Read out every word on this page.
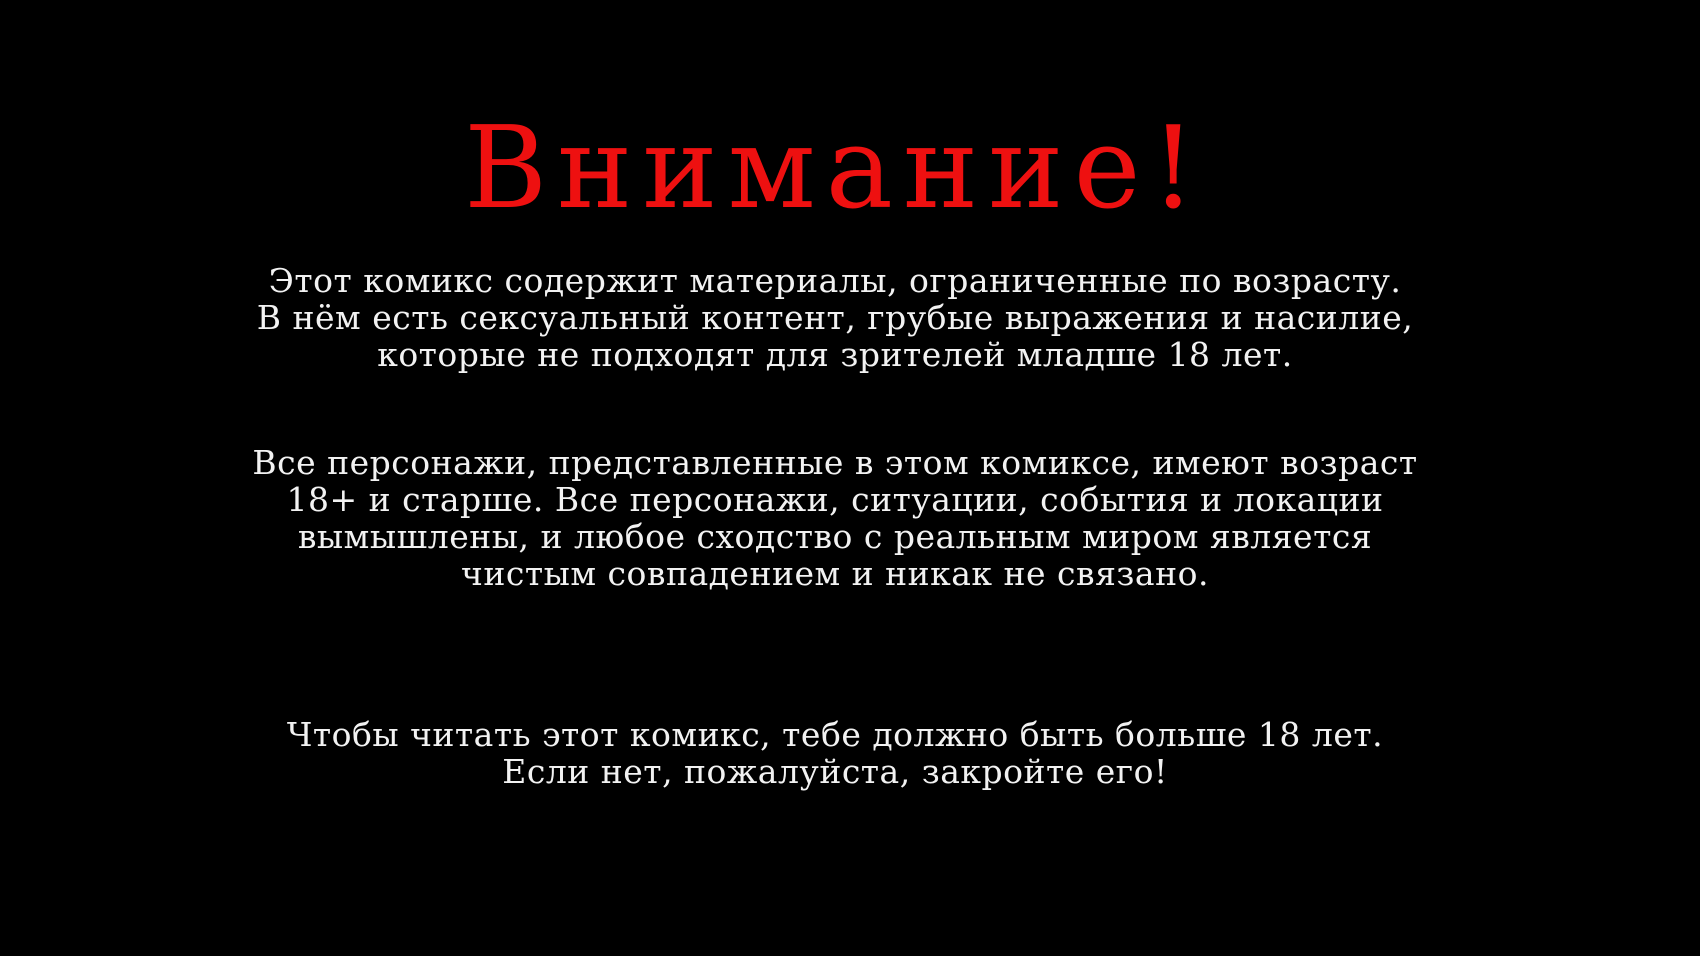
Внимание!
Этот комикс содержит материалы, ограниченные по возрасту.
В нём есть сексуальный контент, грубые выражения и насилие,
которые не подходят для зрителей младше 18 лет.
Все персонажи, представленные в этом комиксе, имеют возраст
18+ и старше. Все персонажи, ситуации, события и локации
вымышлены, и любое сходство с реальным миром является
чистым совпадением и никак не связано.
Чтобы читать этот комикс, тебе должно быть больше 18 лет.
Если нет, пожалуйста, закройте его!
